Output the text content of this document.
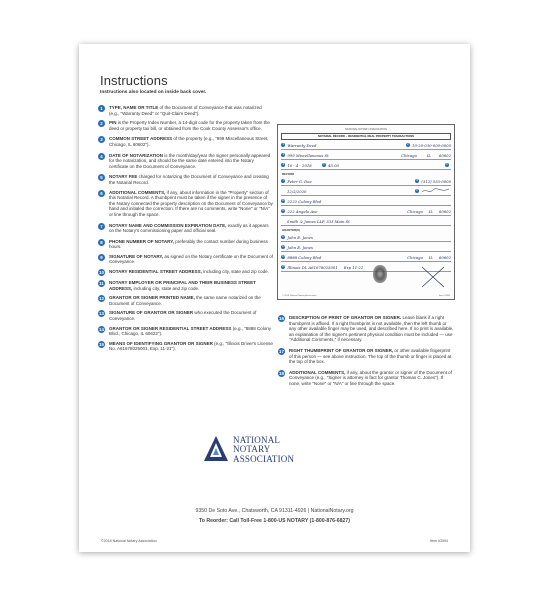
Instructions
Instructions also located on inside back cover.
1	TYPE, NAME OR TITLE of the Document of Conveyance that was notarized (e.g., "Warranty Deed" or "Quit-Claim Deed").
2	PIN is the Property Index Number, a 14-digit code for the property taken from the deed or property tax bill, or obtained from the Cook County Assessor's office.
3	COMMON STREET ADDRESS of the property (e.g., "999 Miscellaneous Street, Chicago, IL 60602").
4	DATE OF NOTARIZATION is the month/day/year the signer personally appeared for the notarization, and should be the same date entered into the Notary certificate on the Document of Conveyance.
5	NOTARY FEE charged for notarizing the Document of Conveyance and creating the Notarial Record.
6	ADDITIONAL COMMENTS, if any, about information in the "Property" section of this Notarial Record. A thumbprint must be taken if the signer in the presence of the Notary connected the property description on the Document of Conveyance by hand and initialed the correction. If there are no comments, write "None" or "N/A" or line through the space.
7	NOTARY NAME AND COMMISSION EXPIRATION DATE, exactly as it appears on the Notary's commissioning paper and official seal.
8	PHONE NUMBER OF NOTARY, preferably the contact number during business hours.
9	SIGNATURE OF NOTARY, as signed on the Notary certificate on the Document of Conveyance.
10 NOTARY RESIDENTIAL STREET ADDRESS, including city, state and zip code.
11 NOTARY EMPLOYER OR PRINCIPAL AND THEIR BUSINESS STREET ADDRESS, including city, state and zip code.
12 GRANTOR OR SIGNER PRINTED NAME, the same name notarized on the Document of Conveyance.
13 SIGNATURE OF GRANTOR OR SIGNER who executed the Document of Conveyance.
14 GRANTOR OR SIGNER RESIDENTIAL STREET ADDRESS (e.g., "8888 Colony Blvd., Chicago, IL 60622").
15 MEANS OF IDENTIFYING GRANTOR OR SIGNER (e.g., "Illinois Driver's License No. A61678025001, Exp. 11-21").
NATIONAL NOTARY ASSOCIATION
NOTARIAL RECORD – RESIDENTIAL REAL PROPERTY TRANSACTIONS
1 Warranty Deed	2 10-20-030-000-0000
3 999 Miscellaneous St	Chicago	IL 60602
4 10 - 4 - 2018	5 $5.00	6
RECORD
7 Peter G. Doe	8 (312) 555-0000
12/2/2020	9
10 2222 Colony Blvd
11 222 Angelo Ave	Chicago IL 60602
Smith & James LLP, 333 Main St
GRANTOR(S)
12 John E. Jones
13 John E. Jones
14 8888 Colony Blvd	Chicago IL 60602
15 Illinois DL A61678025001 Exp 11-21
© 2018 National Notary Association	Item #3594
16 DESCRIPTION OF PRINT OF GRANTOR OR SIGNER. Leave blank if a right thumbprint is affixed. If a right thumbprint is not available, then the left thumb or any other available finger may be used, and described here. If no print is available, an explanation of the signer's pertinent physical condition must be included — use "Additional Comments," if necessary.
17 RIGHT THUMBPRINT OF GRANTOR OR SIGNER, or other available fingerprint of this person — see above instruction. The top of the thumb or finger is placed at the top of the box.
18 ADDITIONAL COMMENTS, if any, about the grantor or signer of the Document of Conveyance (e.g., "Signer is attorney in fact for grantor Thomas C. Jones"). If none, write "None" or "N/A" or line through the space.
NATIONAL
NOTARY
ASSOCIATION
9350 De Soto Ave., Chatsworth, CA 91311-4926 | NationalNotary.org
To Reorder: Call Toll-Free 1-800-US NOTARY (1-800-876-6827)
©2018 National Notary Association	Item #3594
